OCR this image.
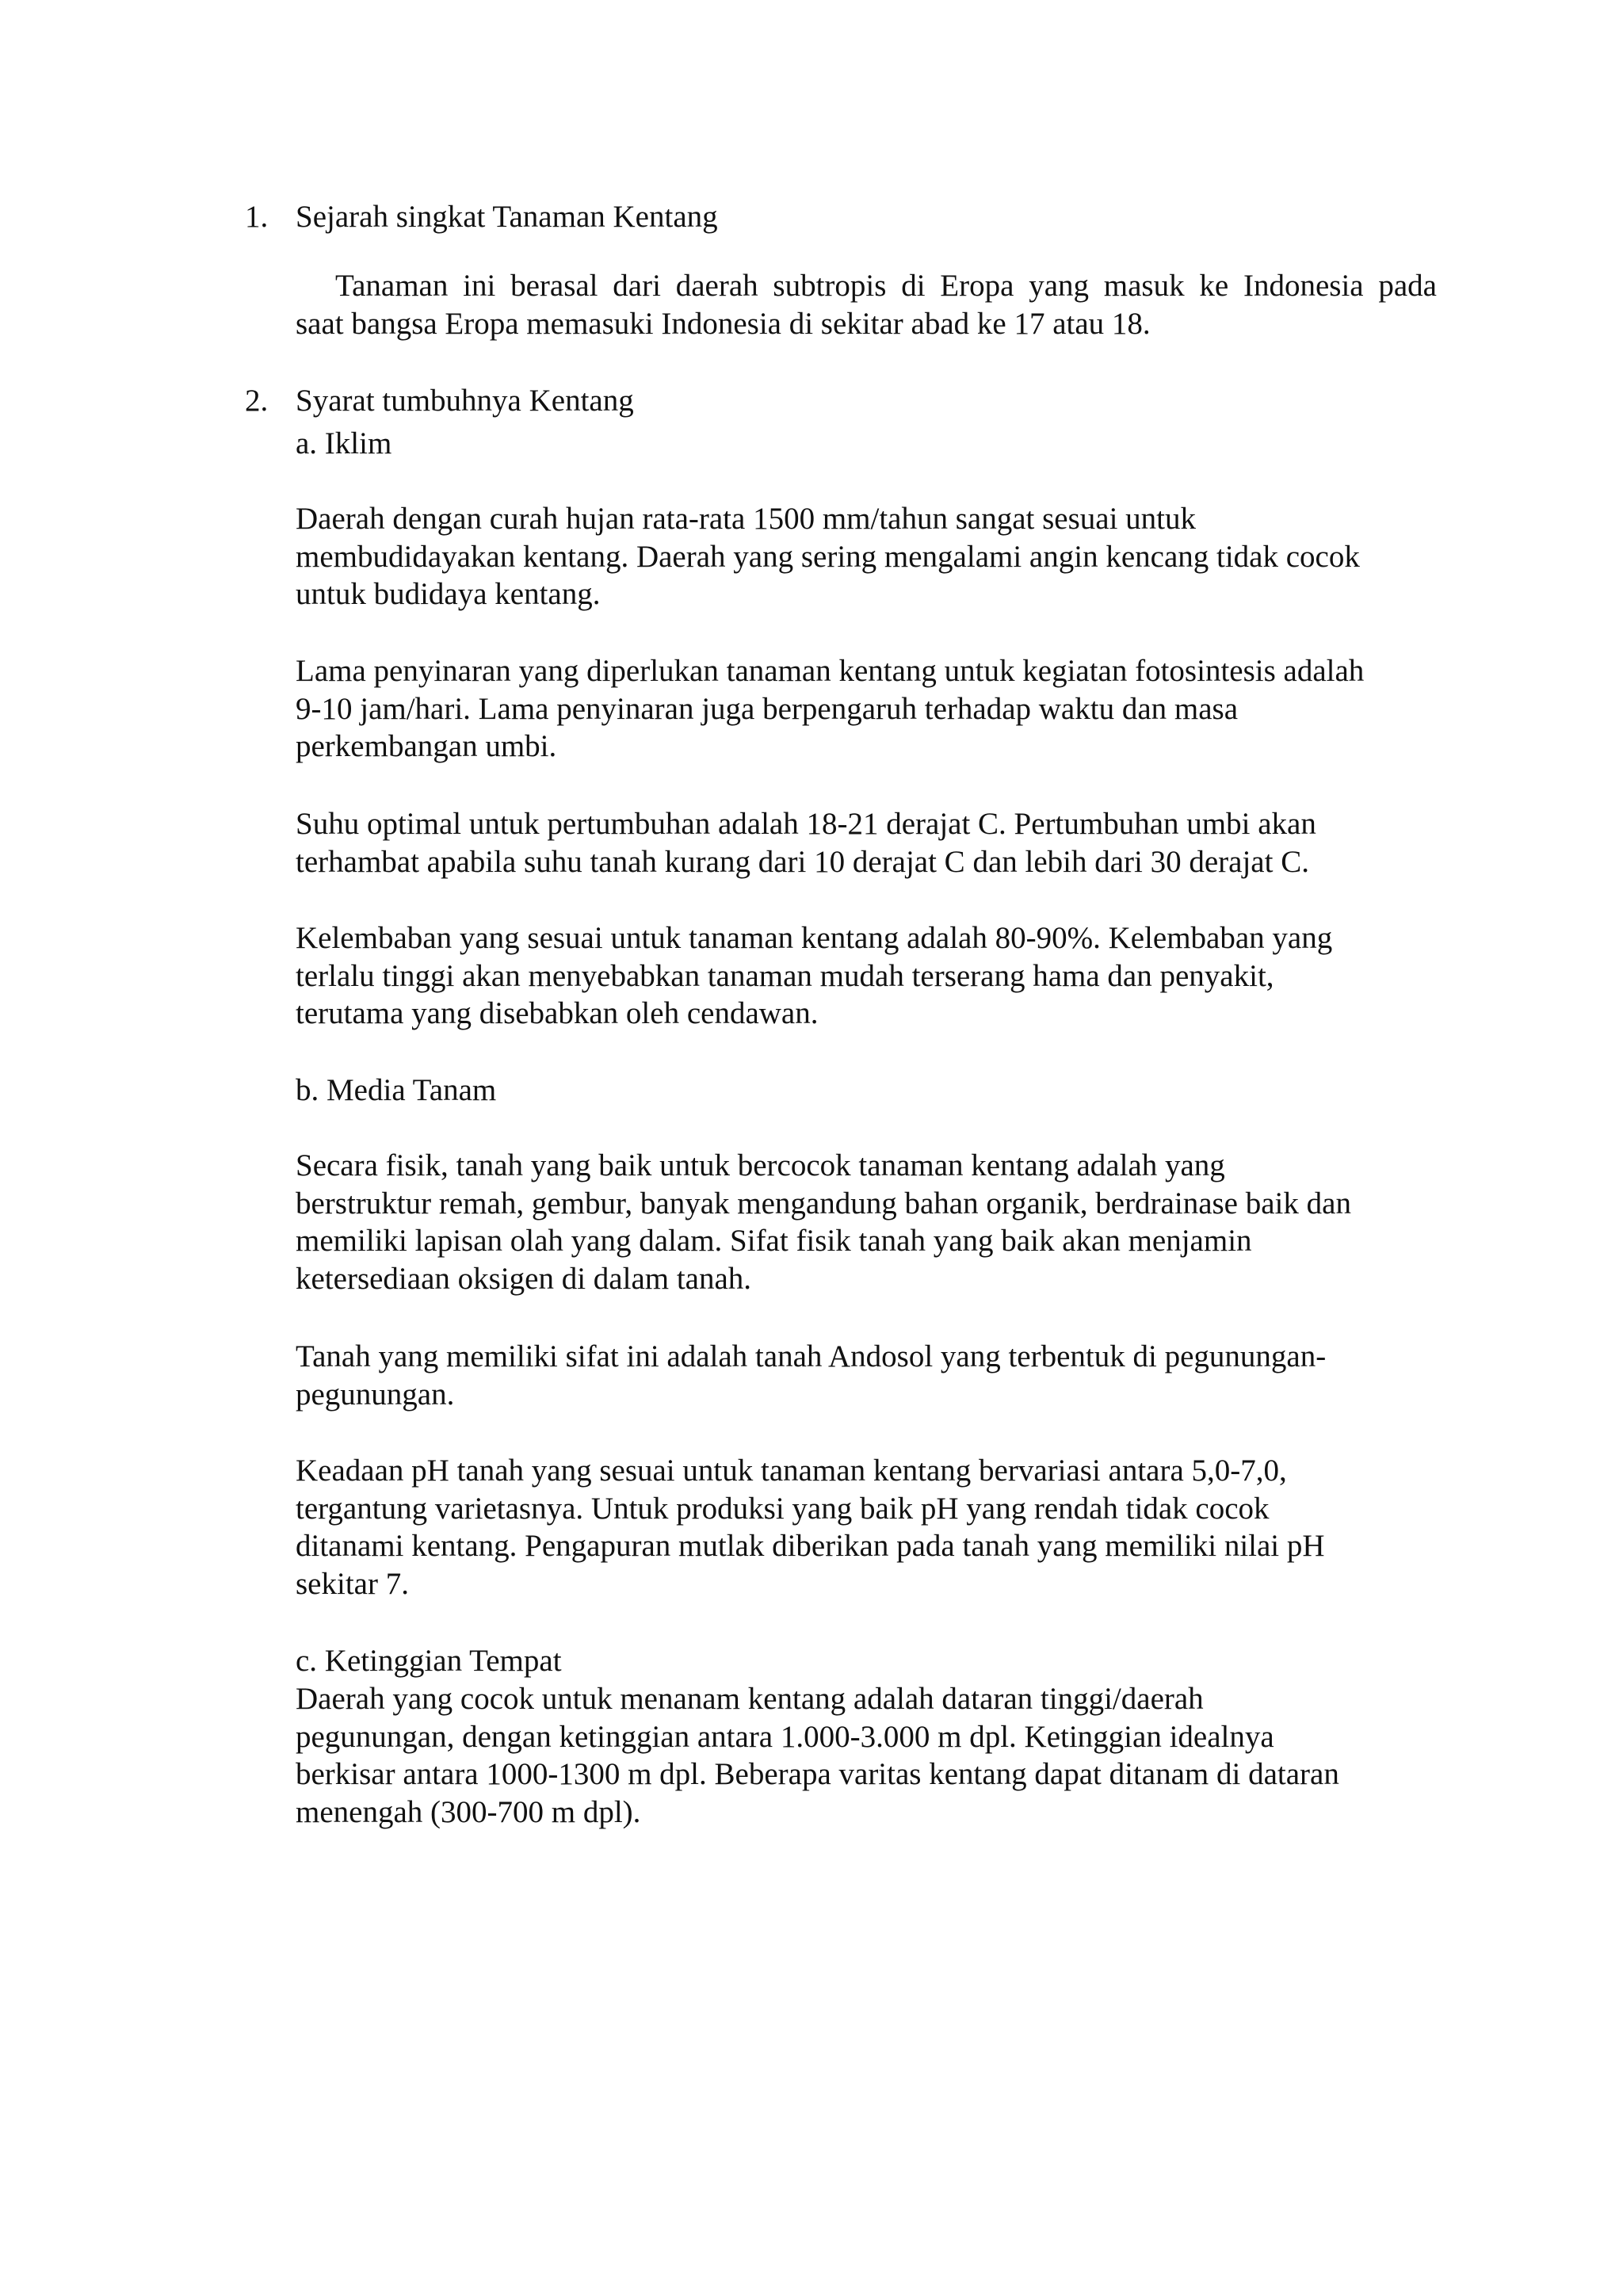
1. Sejarah singkat Tanaman Kentang
Tanaman ini berasal dari daerah subtropis di Eropa yang masuk ke Indonesia pada
saat bangsa Eropa memasuki Indonesia di sekitar abad ke 17 atau 18.
2. Syarat tumbuhnya Kentang
a. Iklim
Daerah dengan curah hujan rata-rata 1500 mm/tahun sangat sesuai untuk
membudidayakan kentang. Daerah yang sering mengalami angin kencang tidak cocok
untuk budidaya kentang.
Lama penyinaran yang diperlukan tanaman kentang untuk kegiatan fotosintesis adalah
9-10 jam/hari. Lama penyinaran juga berpengaruh terhadap waktu dan masa
perkembangan umbi.
Suhu optimal untuk pertumbuhan adalah 18-21 derajat C. Pertumbuhan umbi akan
terhambat apabila suhu tanah kurang dari 10 derajat C dan lebih dari 30 derajat C.
Kelembaban yang sesuai untuk tanaman kentang adalah 80-90%. Kelembaban yang
terlalu tinggi akan menyebabkan tanaman mudah terserang hama dan penyakit,
terutama yang disebabkan oleh cendawan.
b. Media Tanam
Secara fisik, tanah yang baik untuk bercocok tanaman kentang adalah yang
berstruktur remah, gembur, banyak mengandung bahan organik, berdrainase baik dan
memiliki lapisan olah yang dalam. Sifat fisik tanah yang baik akan menjamin
ketersediaan oksigen di dalam tanah.
Tanah yang memiliki sifat ini adalah tanah Andosol yang terbentuk di pegunungan-
pegunungan.
Keadaan pH tanah yang sesuai untuk tanaman kentang bervariasi antara 5,0-7,0,
tergantung varietasnya. Untuk produksi yang baik pH yang rendah tidak cocok
ditanami kentang. Pengapuran mutlak diberikan pada tanah yang memiliki nilai pH
sekitar 7.
c. Ketinggian Tempat
Daerah yang cocok untuk menanam kentang adalah dataran tinggi/daerah
pegunungan, dengan ketinggian antara 1.000-3.000 m dpl. Ketinggian idealnya
berkisar antara 1000-1300 m dpl. Beberapa varitas kentang dapat ditanam di dataran
menengah (300-700 m dpl).
